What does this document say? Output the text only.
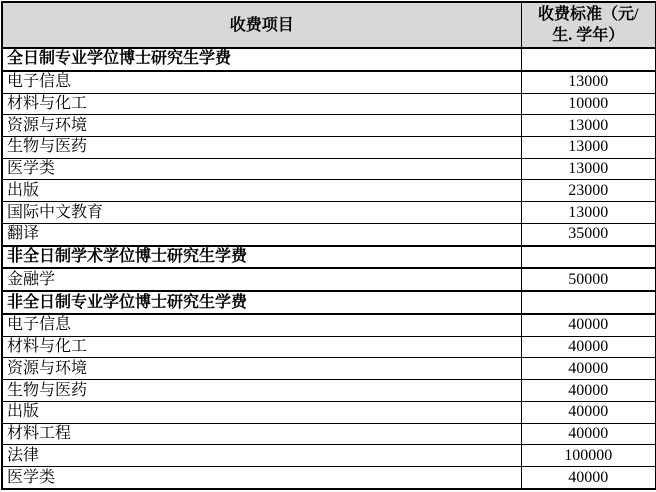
收费项目	收费标准（元/
生. 学年）

全日制专业学位博士研究生学费	
电子信息	13000
材料与化工	10000
资源与环境	13000
生物与医药	13000
医学类	13000
出版	23000
国际中文教育	13000
翻译	35000
非全日制学术学位博士研究生学费	
金融学	50000
非全日制专业学位博士研究生学费	
电子信息	40000
材料与化工	40000
资源与环境	40000
生物与医药	40000
出版	40000
材料工程	40000
法律	100000
医学类	40000
